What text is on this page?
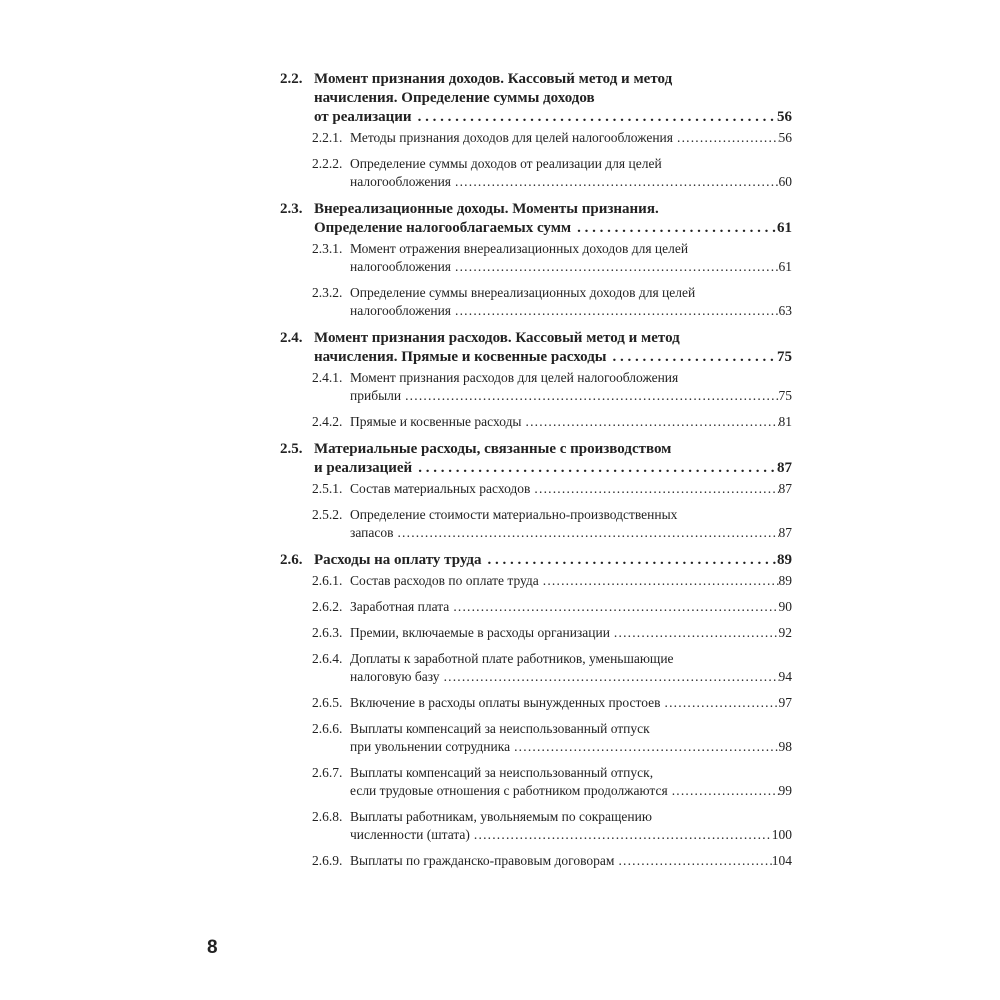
2.2. Момент признания доходов. Кассовый метод и метод
начисления. Определение суммы доходов
от реализации . . .	56
2.2.1. Методы признания доходов для целей налогообложения .....	56
2.2.2. Определение суммы доходов от реализации для целей
налогообложения .....	60
2.3. Внереализационные доходы. Моменты признания.
Определение налогооблагаемых сумм . . .	61
2.3.1. Момент отражения внереализационных доходов для целей
налогообложения .....	61
2.3.2. Определение суммы внереализационных доходов для целей
налогообложения .....	63
2.4. Момент признания расходов. Кассовый метод и метод
начисления. Прямые и косвенные расходы . . .	75
2.4.1. Момент признания расходов для целей налогообложения
прибыли .....	75
2.4.2. Прямые и косвенные расходы .....	81
2.5. Материальные расходы, связанные с производством
и реализацией . . .	87
2.5.1. Состав материальных расходов .....	87
2.5.2. Определение стоимости материально-производственных
запасов .....	87
2.6. Расходы на оплату труда . . .	89
2.6.1. Состав расходов по оплате труда .....	89
2.6.2. Заработная плата .....	90
2.6.3. Премии, включаемые в расходы организации .....	92
2.6.4. Доплаты к заработной плате работников, уменьшающие
налоговую базу .....	94
2.6.5. Включение в расходы оплаты вынужденных простоев .....	97
2.6.6. Выплаты компенсаций за неиспользованный отпуск
при увольнении сотрудника .....	98
2.6.7. Выплаты компенсаций за неиспользованный отпуск,
если трудовые отношения с работником продолжаются .....	99
2.6.8. Выплаты работникам, увольняемым по сокращению
численности (штата) .....	100
2.6.9. Выплаты по гражданско-правовым договорам .....	104
8
